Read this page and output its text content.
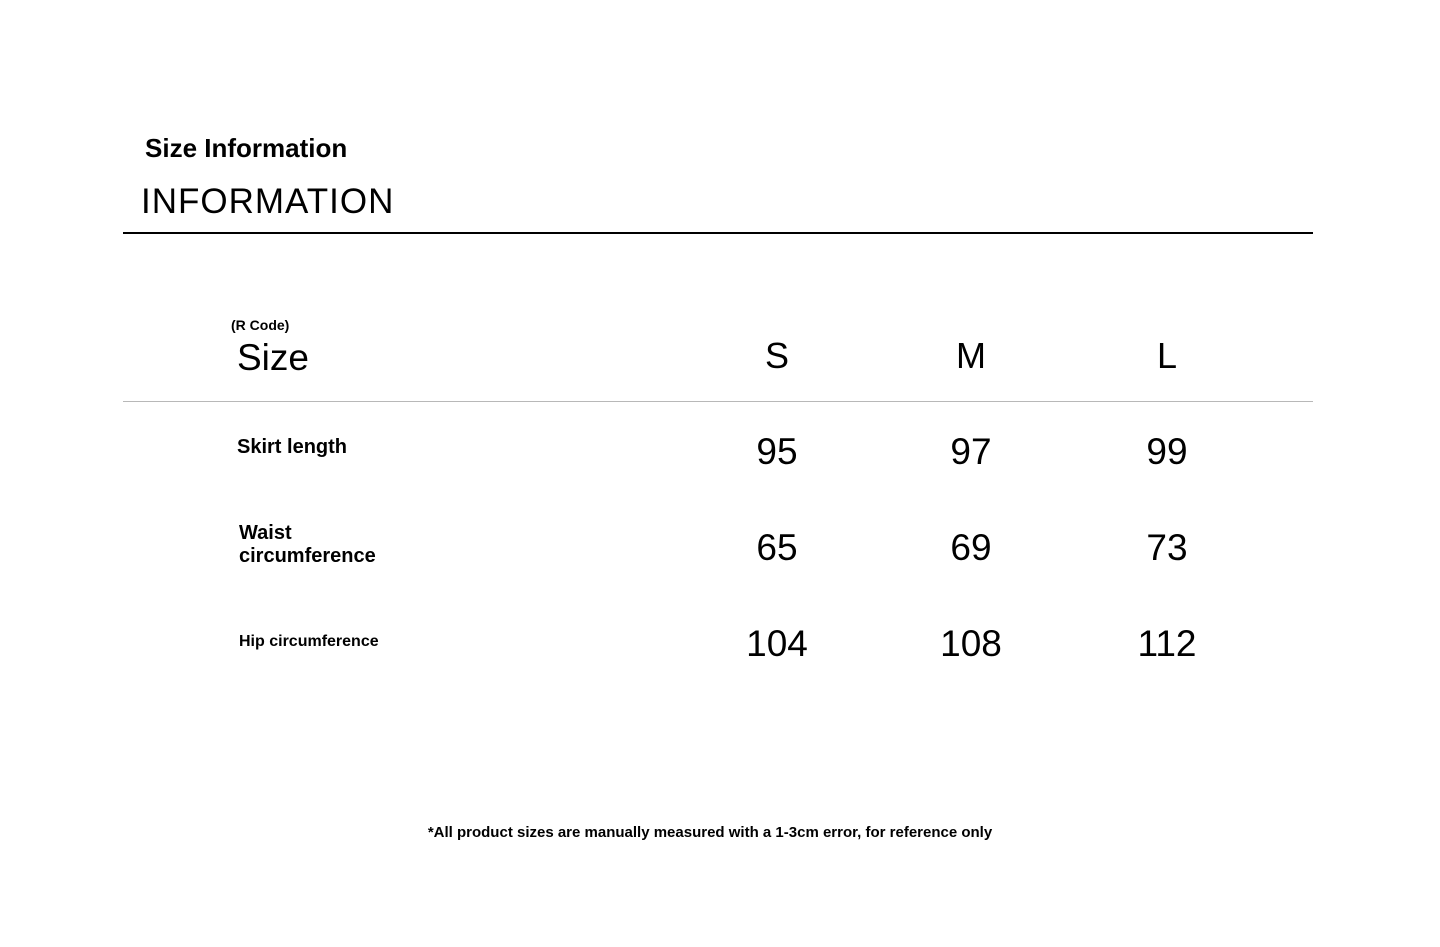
Size Information
INFORMATION
(R Code)
Size	S	M	L
Skirt length	95	97	99
Waist circumference	65	69	73
Hip circumference	104	108	112
*All product sizes are manually measured with a 1-3cm error, for reference only
